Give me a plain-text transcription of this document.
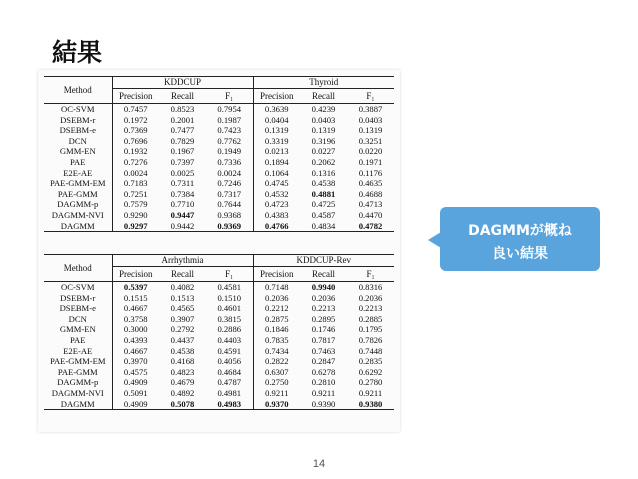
結果
Method	KDDCUP			Thyroid		
	Precision	Recall	F₁	Precision	Recall	F₁
OC-SVM	0.7457	0.8523	0.7954	0.3639	0.4239	0.3887
DSEBM-r	0.1972	0.2001	0.1987	0.0404	0.0403	0.0403
DSEBM-e	0.7369	0.7477	0.7423	0.1319	0.1319	0.1319
DCN	0.7696	0.7829	0.7762	0.3319	0.3196	0.3251
GMM-EN	0.1932	0.1967	0.1949	0.0213	0.0227	0.0220
PAE	0.7276	0.7397	0.7336	0.1894	0.2062	0.1971
E2E-AE	0.0024	0.0025	0.0024	0.1064	0.1316	0.1176
PAE-GMM-EM	0.7183	0.7311	0.7246	0.4745	0.4538	0.4635
PAE-GMM	0.7251	0.7384	0.7317	0.4532	0.4881	0.4688
DAGMM-p	0.7579	0.7710	0.7644	0.4723	0.4725	0.4713
DAGMM-NVI	0.9290	0.9447	0.9368	0.4383	0.4587	0.4470
DAGMM	0.9297	0.9442	0.9369	0.4766	0.4834	0.4782
Method	Arrhythmia			KDDCUP-Rev		
	Precision	Recall	F₁	Precision	Recall	F₁
OC-SVM	0.5397	0.4082	0.4581	0.7148	0.9940	0.8316
DSEBM-r	0.1515	0.1513	0.1510	0.2036	0.2036	0.2036
DSEBM-e	0.4667	0.4565	0.4601	0.2212	0.2213	0.2213
DCN	0.3758	0.3907	0.3815	0.2875	0.2895	0.2885
GMM-EN	0.3000	0.2792	0.2886	0.1846	0.1746	0.1795
PAE	0.4393	0.4437	0.4403	0.7835	0.7817	0.7826
E2E-AE	0.4667	0.4538	0.4591	0.7434	0.7463	0.7448
PAE-GMM-EM	0.3970	0.4168	0.4056	0.2822	0.2847	0.2835
PAE-GMM	0.4575	0.4823	0.4684	0.6307	0.6278	0.6292
DAGMM-p	0.4909	0.4679	0.4787	0.2750	0.2810	0.2780
DAGMM-NVI	0.5091	0.4892	0.4981	0.9211	0.9211	0.9211
DAGMM	0.4909	0.5078	0.4983	0.9370	0.9390	0.9380
DAGMMが概ね
良い結果
14
